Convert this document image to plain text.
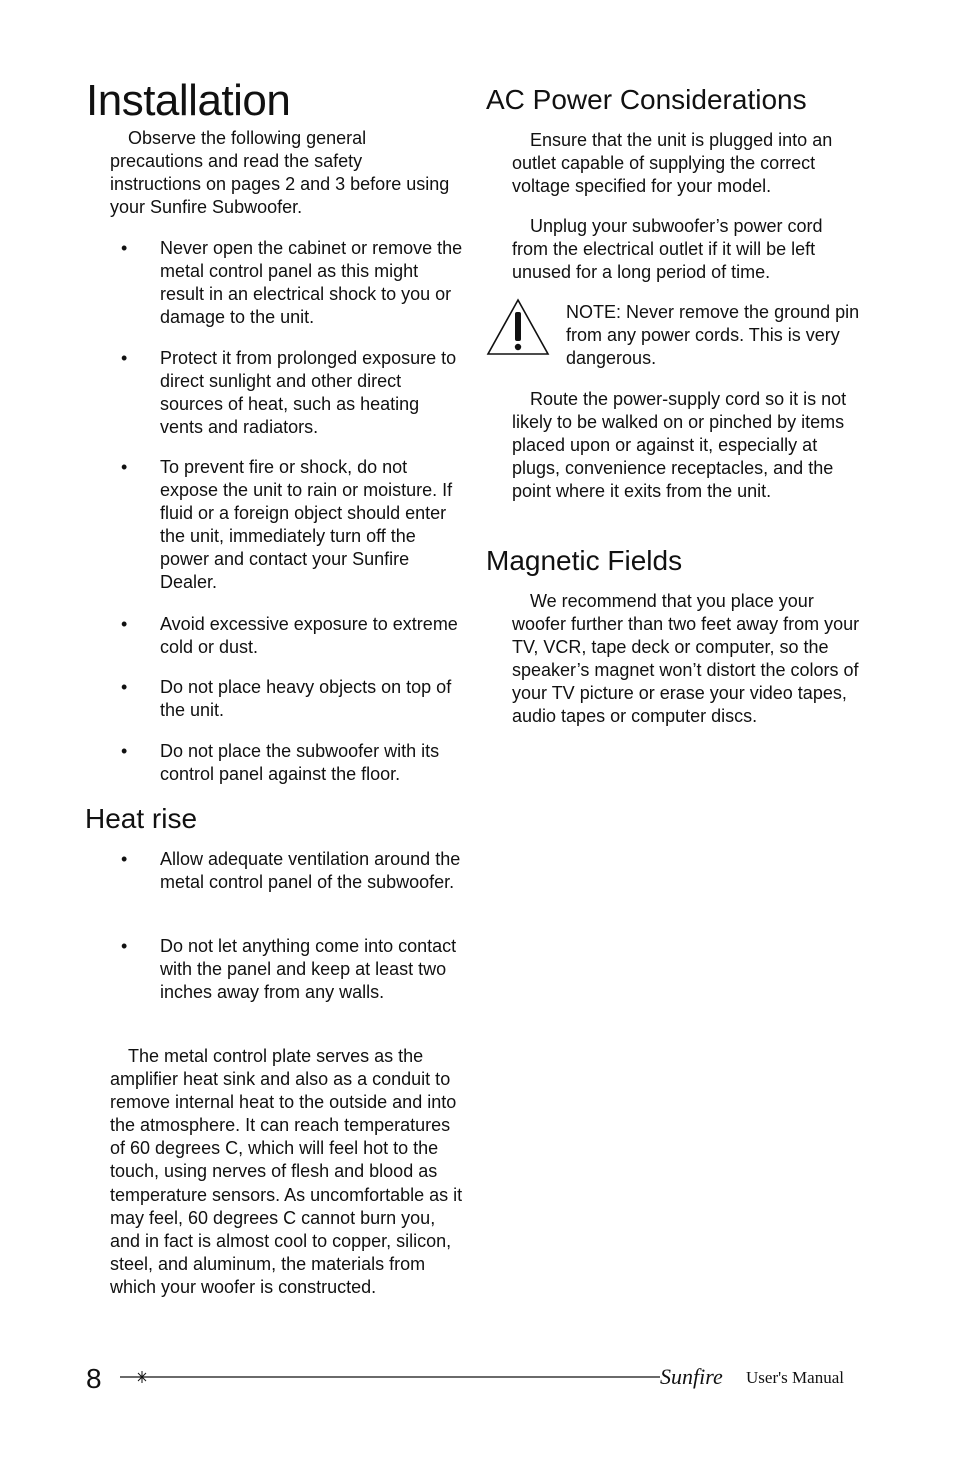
Installation

Observe the following general precautions and read the safety instructions on pages 2 and 3 before using your Sunfire Subwoofer.

• Never open the cabinet or remove the metal control panel as this might result in an electrical shock to you or damage to the unit.
• Protect it from prolonged exposure to direct sunlight and other direct sources of heat, such as heating vents and radiators.
• To prevent fire or shock, do not expose the unit to rain or moisture. If fluid or a foreign object should enter the unit, immediately turn off the power and contact your Sunfire Dealer.
• Avoid excessive exposure to extreme cold or dust.
• Do not place heavy objects on top of the unit.
• Do not place the subwoofer with its control panel against the floor.
Heat rise
• Allow adequate ventilation around the metal control panel of the subwoofer.
• Do not let anything come into contact with the panel and keep at least two inches away from any walls.

The metal control plate serves as the amplifier heat sink and also as a conduit to remove internal heat to the outside and into the atmosphere. It can reach temperatures of 60 degrees C, which will feel hot to the touch, using nerves of flesh and blood as temperature sensors. As uncomfortable as it may feel, 60 degrees C cannot burn you, and in fact is almost cool to copper, silicon, steel, and aluminum, the materials from which your woofer is constructed.

AC Power Considerations

Ensure that the unit is plugged into an outlet capable of supplying the correct voltage specified for your model.

Unplug your subwoofer’s power cord from the electrical outlet if it will be left unused for a long period of time.

NOTE: Never remove the ground pin from any power cords. This is very dangerous.

Route the power-supply cord so it is not likely to be walked on or pinched by items placed upon or against it, especially at plugs, convenience receptacles, and the point where it exits from the unit.

Magnetic Fields

We recommend that you place your woofer further than two feet away from your TV, VCR, tape deck or computer, so the speaker’s magnet won’t distort the colors of your TV picture or erase your video tapes, audio tapes or computer discs.

8	Sunfire User's Manual
